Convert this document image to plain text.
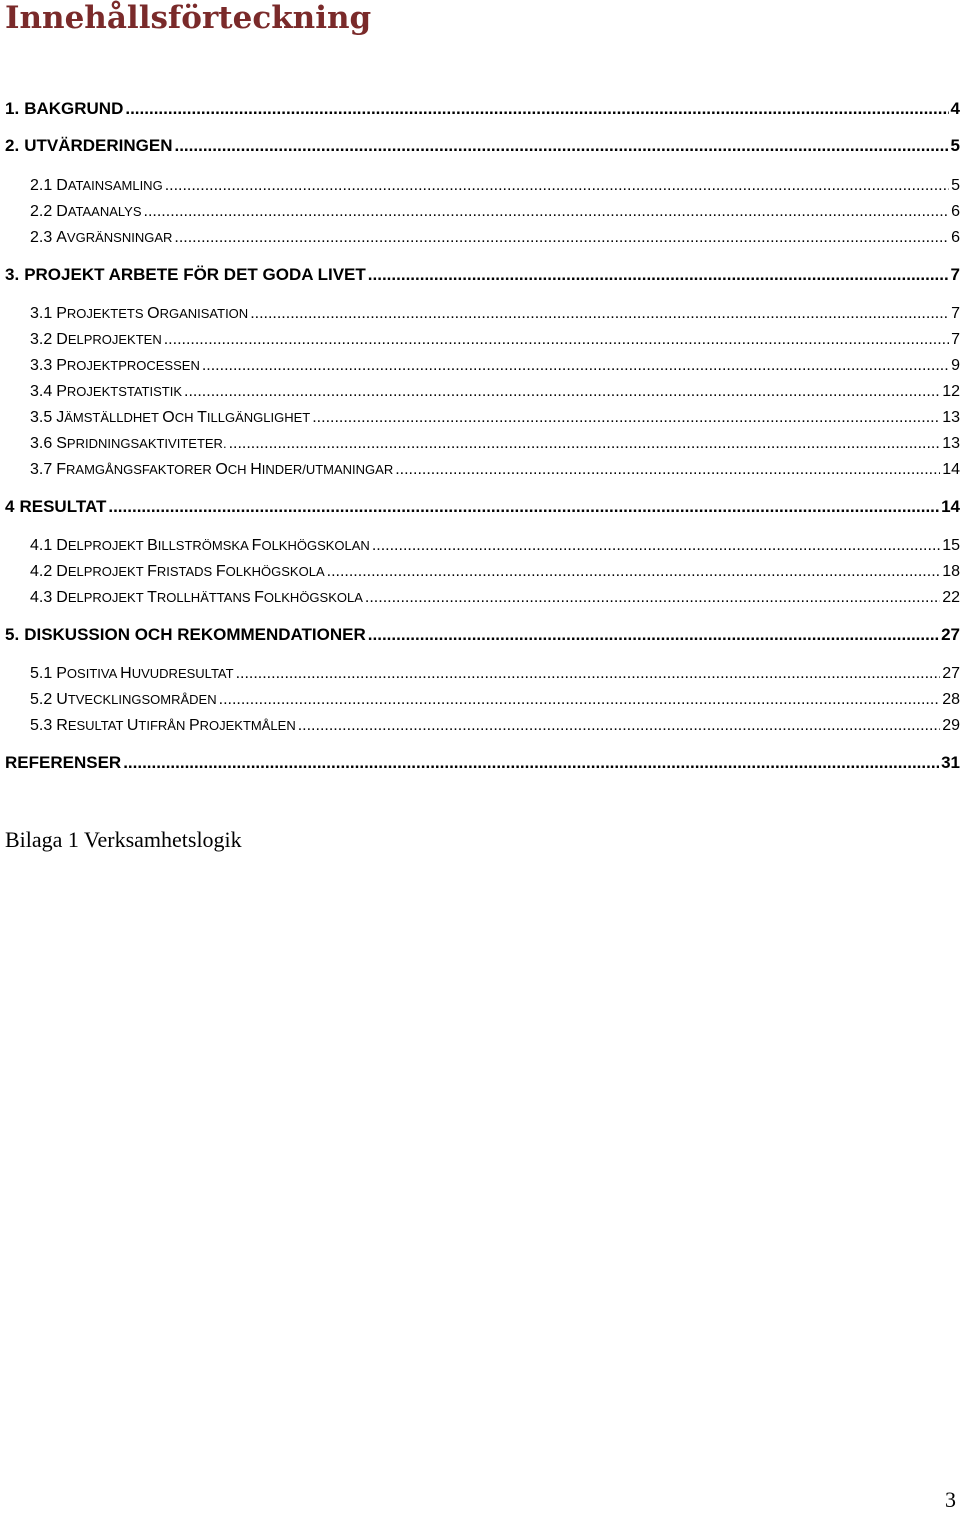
Innehållsförteckning
1. BAKGRUND .....	4
2. UTVÄRDERINGEN .....	5
2.1 DATAINSAMLING .....	5
2.2 DATAANALYS .....	6
2.3 AVGRÄNSNINGAR .....	6
3. PROJEKT ARBETE FÖR DET GODA LIVET .....	7
3.1 PROJEKTETS ORGANISATION .....	7
3.2 DELPROJEKTEN .....	7
3.3 PROJEKTPROCESSEN .....	9
3.4 PROJEKTSTATISTIK .....	12
3.5 JÄMSTÄLLDHET OCH TILLGÄNGLIGHET .....	13
3.6 SPRIDNINGSAKTIVITETER. .....	13
3.7 FRAMGÅNGSFAKTORER OCH HINDER/UTMANINGAR .....	14
4 RESULTAT .....	14
4.1 DELPROJEKT BILLSTRÖMSKA FOLKHÖGSKOLAN .....	15
4.2 DELPROJEKT FRISTADS FOLKHÖGSKOLA .....	18
4.3 DELPROJEKT TROLLHÄTTANS FOLKHÖGSKOLA .....	22
5. DISKUSSION OCH REKOMMENDATIONER .....	27
5.1 POSITIVA HUVUDRESULTAT .....	27
5.2 UTVECKLINGSOMRÅDEN .....	28
5.3 RESULTAT UTIFRÅN PROJEKTMÅLEN .....	29
REFERENSER .....	31
Bilaga 1 Verksamhetslogik
3
